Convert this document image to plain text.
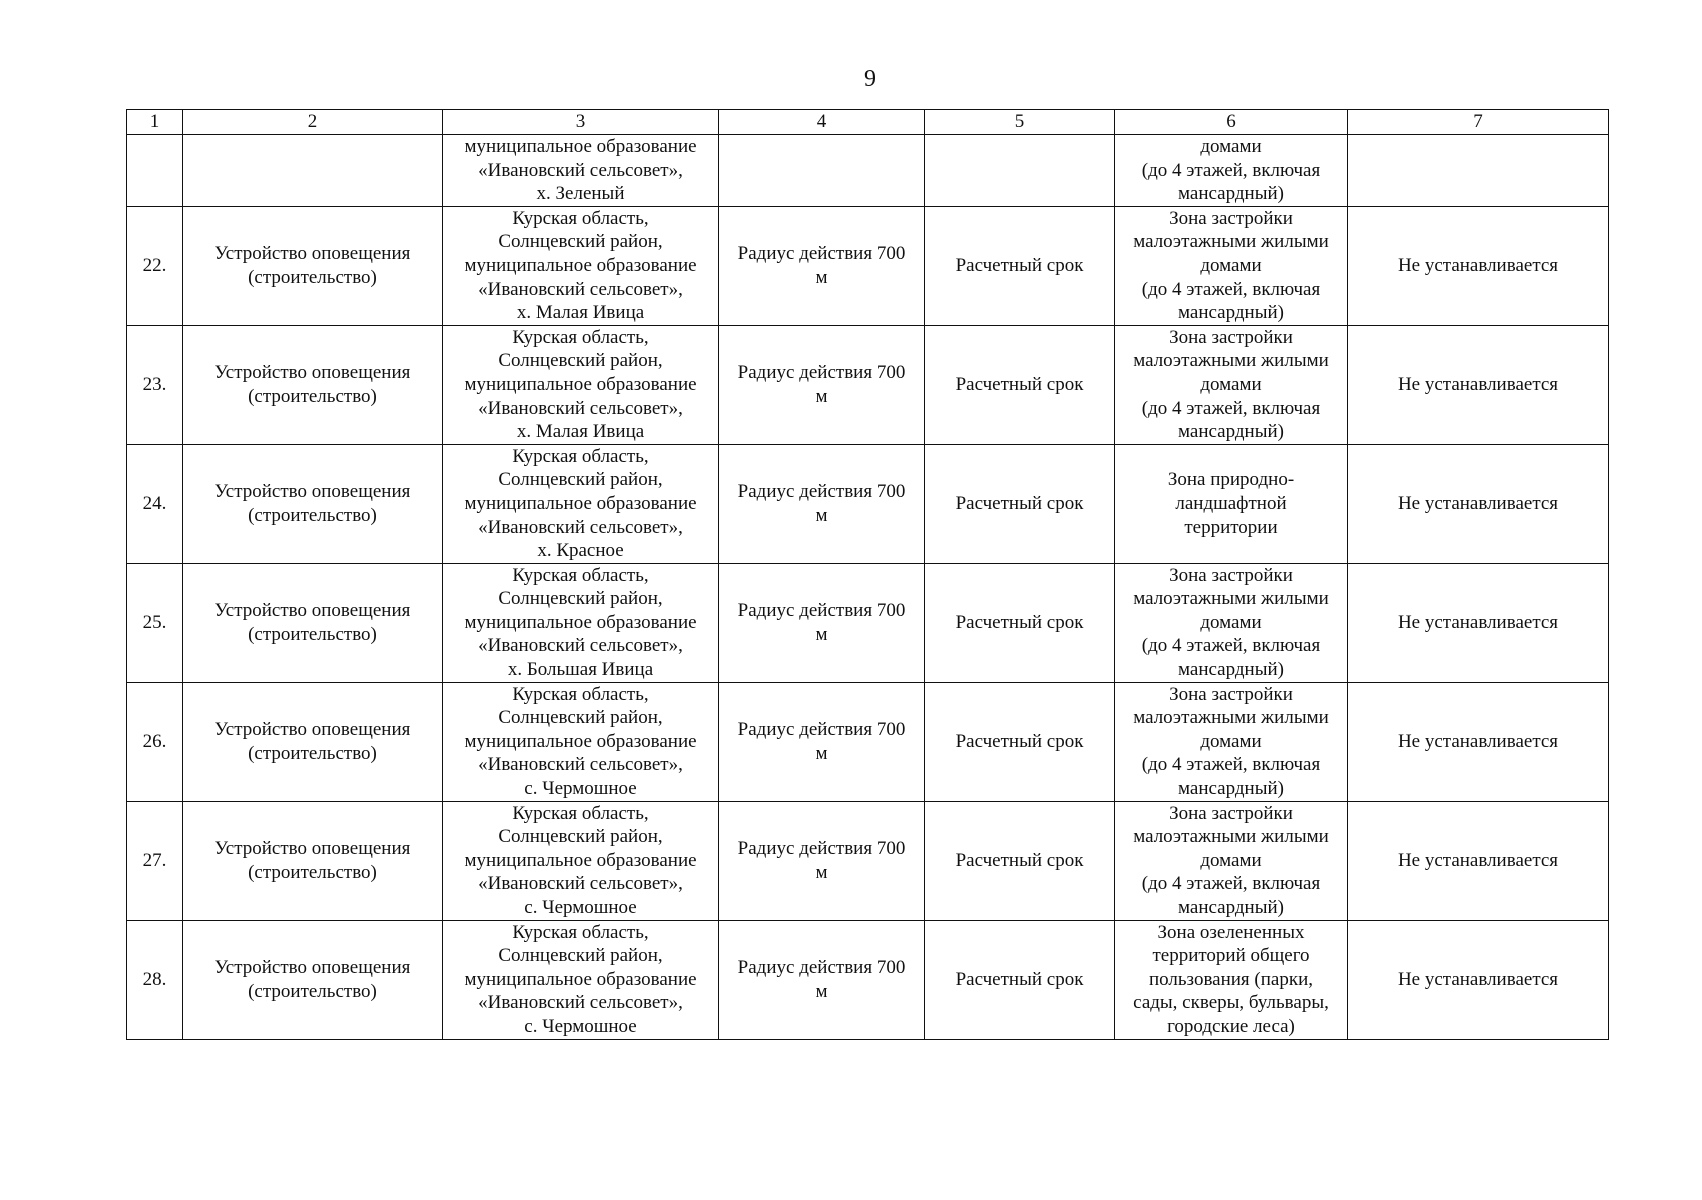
9
1	2	3	4	5	6	7

		муниципальное образование
«Ивановский сельсовет»,
х. Зеленый			домами
(до 4 этажей, включая
мансардный)	

22.	Устройство оповещения
(строительство)	Курская область,
Солнцевский район,
муниципальное образование
«Ивановский сельсовет»,
х. Малая Ивица	Радиус действия 700
м	Расчетный срок	Зона застройки
малоэтажными жилыми
домами
(до 4 этажей, включая
мансардный)	Не устанавливается
23.	Устройство оповещения
(строительство)	Курская область,
Солнцевский район,
муниципальное образование
«Ивановский сельсовет»,
х. Малая Ивица	Радиус действия 700
м	Расчетный срок	Зона застройки
малоэтажными жилыми
домами
(до 4 этажей, включая
мансардный)	Не устанавливается
24.	Устройство оповещения
(строительство)	Курская область,
Солнцевский район,
муниципальное образование
«Ивановский сельсовет»,
х. Красное	Радиус действия 700
м	Расчетный срок	Зона природно-
ландшафтной
территории	Не устанавливается
25.	Устройство оповещения
(строительство)	Курская область,
Солнцевский район,
муниципальное образование
«Ивановский сельсовет»,
х. Большая Ивица	Радиус действия 700
м	Расчетный срок	Зона застройки
малоэтажными жилыми
домами
(до 4 этажей, включая
мансардный)	Не устанавливается
26.	Устройство оповещения
(строительство)	Курская область,
Солнцевский район,
муниципальное образование
«Ивановский сельсовет»,
с. Чермошное	Радиус действия 700
м	Расчетный срок	Зона застройки
малоэтажными жилыми
домами
(до 4 этажей, включая
мансардный)	Не устанавливается
27.	Устройство оповещения
(строительство)	Курская область,
Солнцевский район,
муниципальное образование
«Ивановский сельсовет»,
с. Чермошное	Радиус действия 700
м	Расчетный срок	Зона застройки
малоэтажными жилыми
домами
(до 4 этажей, включая
мансардный)	Не устанавливается
28.	Устройство оповещения
(строительство)	Курская область,
Солнцевский район,
муниципальное образование
«Ивановский сельсовет»,
с. Чермошное	Радиус действия 700
м	Расчетный срок	Зона озелененных
территорий общего
пользования (парки,
сады, скверы, бульвары,
городские леса)	Не устанавливается
